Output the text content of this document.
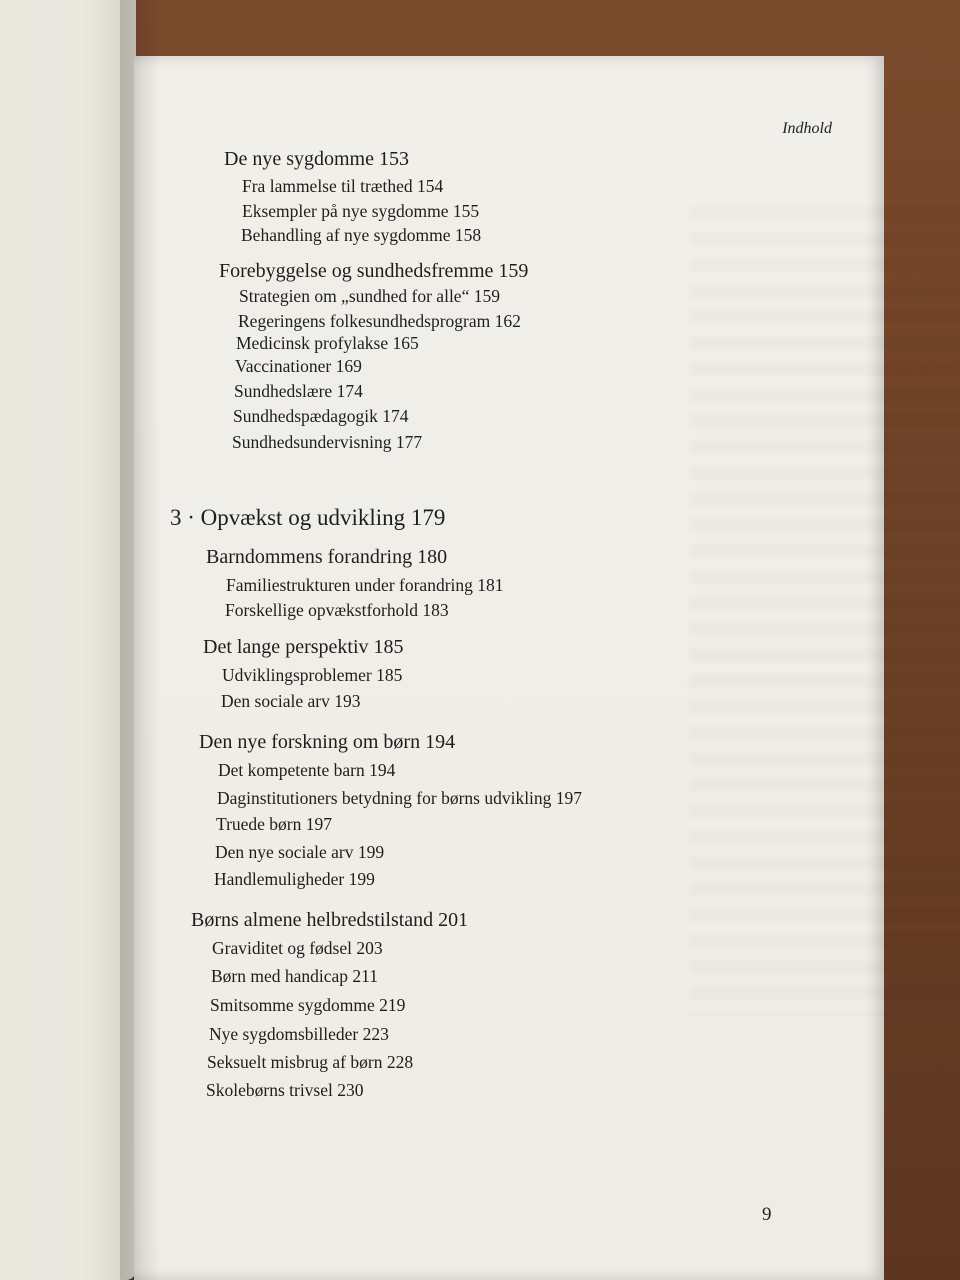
Indhold

De nye sygdomme 153
Fra lammelse til træthed 154
Eksempler på nye sygdomme 155
Behandling af nye sygdomme 158
Forebyggelse og sundhedsfremme 159
Strategien om „sundhed for alle“ 159
Regeringens folkesundhedsprogram 162
Medicinsk profylakse 165
Vaccinationer 169
Sundhedslære 174
Sundhedspædagogik 174
Sundhedsundervisning 177
3 · Opvækst og udvikling 179
Barndommens forandring 180
Familiestrukturen under forandring 181
Forskellige opvækstforhold 183
Det lange perspektiv 185
Udviklingsproblemer 185
Den sociale arv 193
Den nye forskning om børn 194
Det kompetente barn 194
Daginstitutioners betydning for børns udvikling 197
Truede børn 197
Den nye sociale arv 199
Handlemuligheder 199
Børns almene helbredstilstand 201
Graviditet og fødsel 203
Børn med handicap 211
Smitsomme sygdomme 219
Nye sygdomsbilleder 223
Seksuelt misbrug af børn 228
Skolebørns trivsel 230

9
